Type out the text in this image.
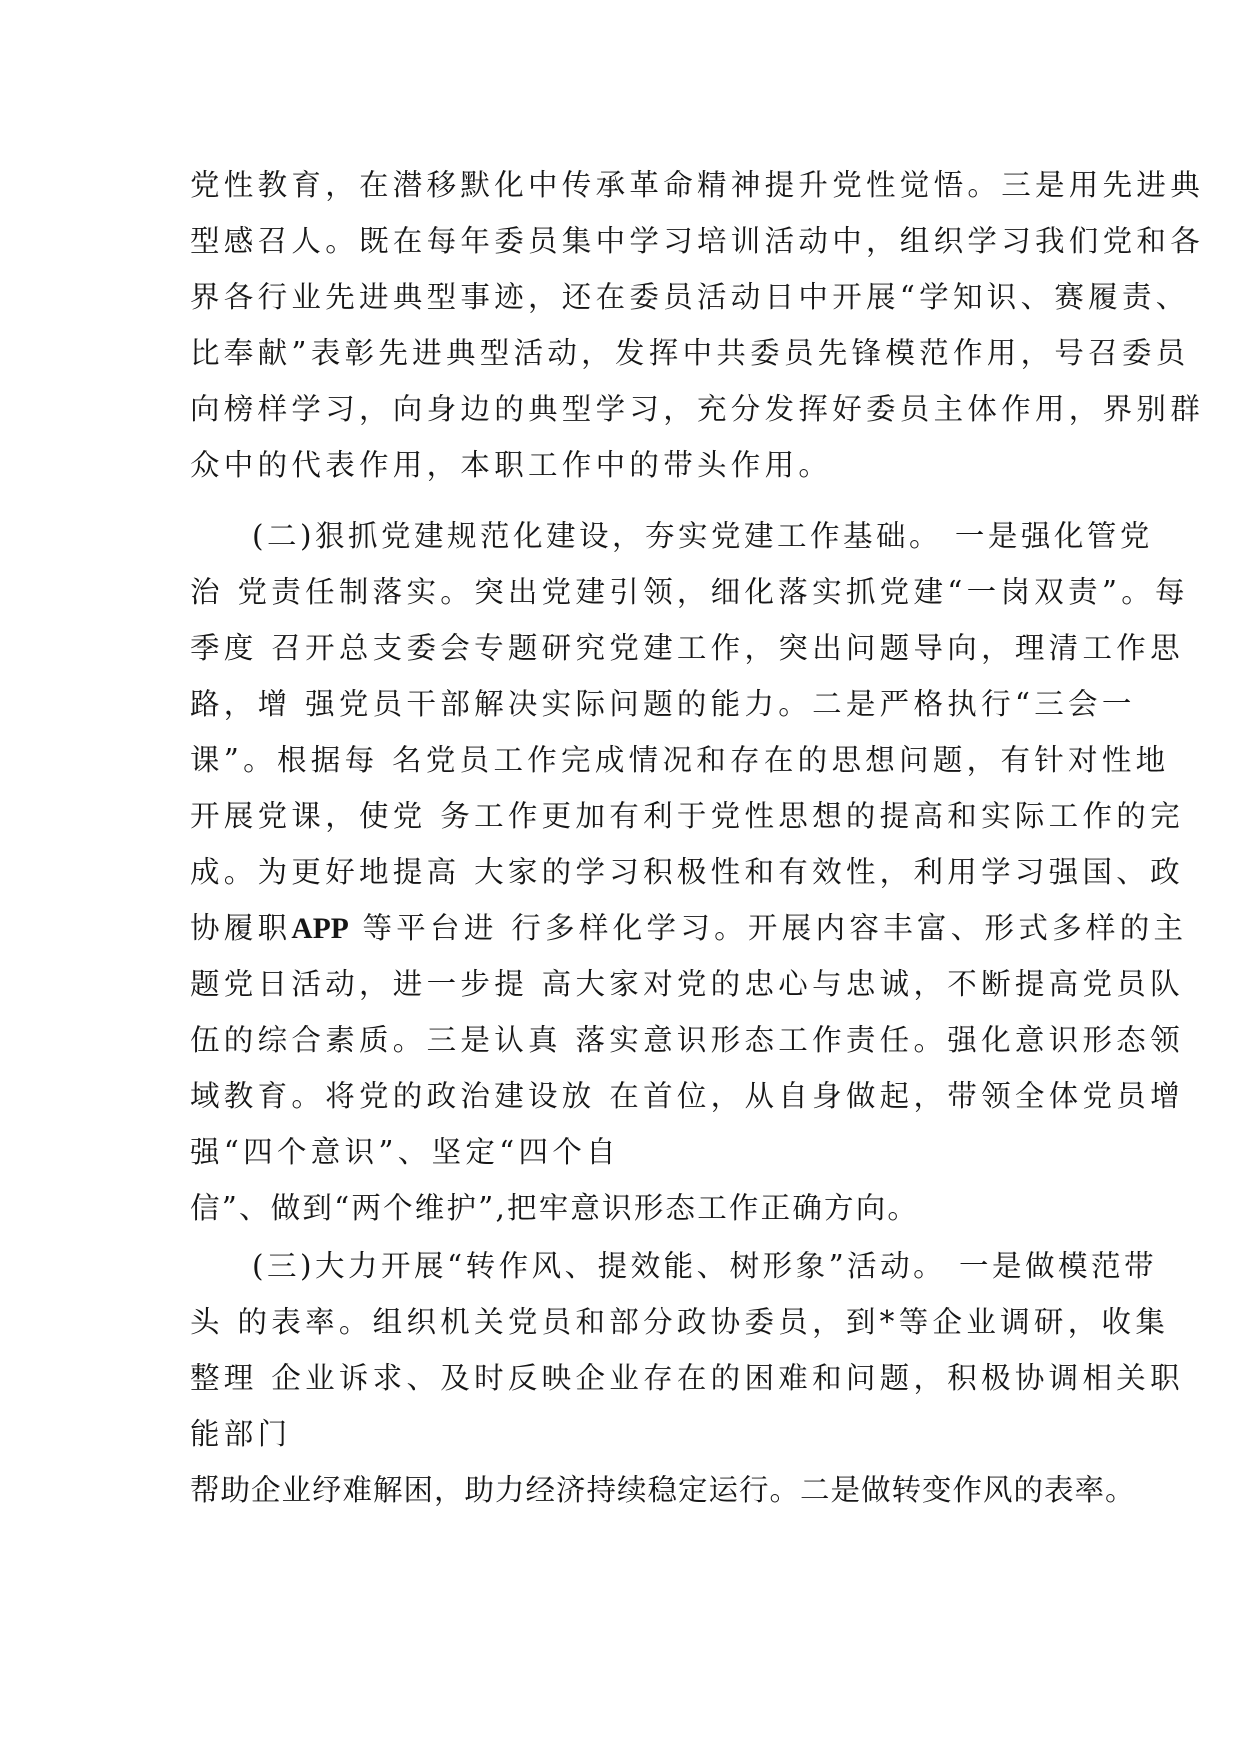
党性教育，在潜移默化中传承革命精神提升党性觉悟。三是用先进典
型感召人。既在每年委员集中学习培训活动中，组织学习我们党和各
界各行业先进典型事迹，还在委员活动日中开展“学知识、赛履责、
比奉献”表彰先进典型活动，发挥中共委员先锋模范作用，号召委员
向榜样学习，向身边的典型学习，充分发挥好委员主体作用，界别群
众中的代表作用，本职工作中的带头作用。
(二)狠抓党建规范化建设，夯实党建工作基础。 一是强化管党
治 党责任制落实。突出党建引领，细化落实抓党建“一岗双责”。每
季度 召开总支委会专题研究党建工作，突出问题导向，理清工作思
路，增 强党员干部解决实际问题的能力。二是严格执行“三会一
课”。根据每 名党员工作完成情况和存在的思想问题，有针对性地
开展党课，使党 务工作更加有利于党性思想的提高和实际工作的完
成。为更好地提高 大家的学习积极性和有效性，利用学习强国、政
协履职APP 等平台进 行多样化学习。开展内容丰富、形式多样的主
题党日活动，进一步提 高大家对党的忠心与忠诚，不断提高党员队
伍的综合素质。三是认真 落实意识形态工作责任。强化意识形态领
域教育。将党的政治建设放 在首位，从自身做起，带领全体党员增
强“四个意识”、坚定“四个自
信”、做到“两个维护”,把牢意识形态工作正确方向。
(三)大力开展“转作风、提效能、树形象”活动。 一是做模范带
头 的表率。组织机关党员和部分政协委员，到*等企业调研，收集
整理 企业诉求、及时反映企业存在的困难和问题，积极协调相关职
能部门
帮助企业纾难解困，助力经济持续稳定运行。二是做转变作风的表率。
